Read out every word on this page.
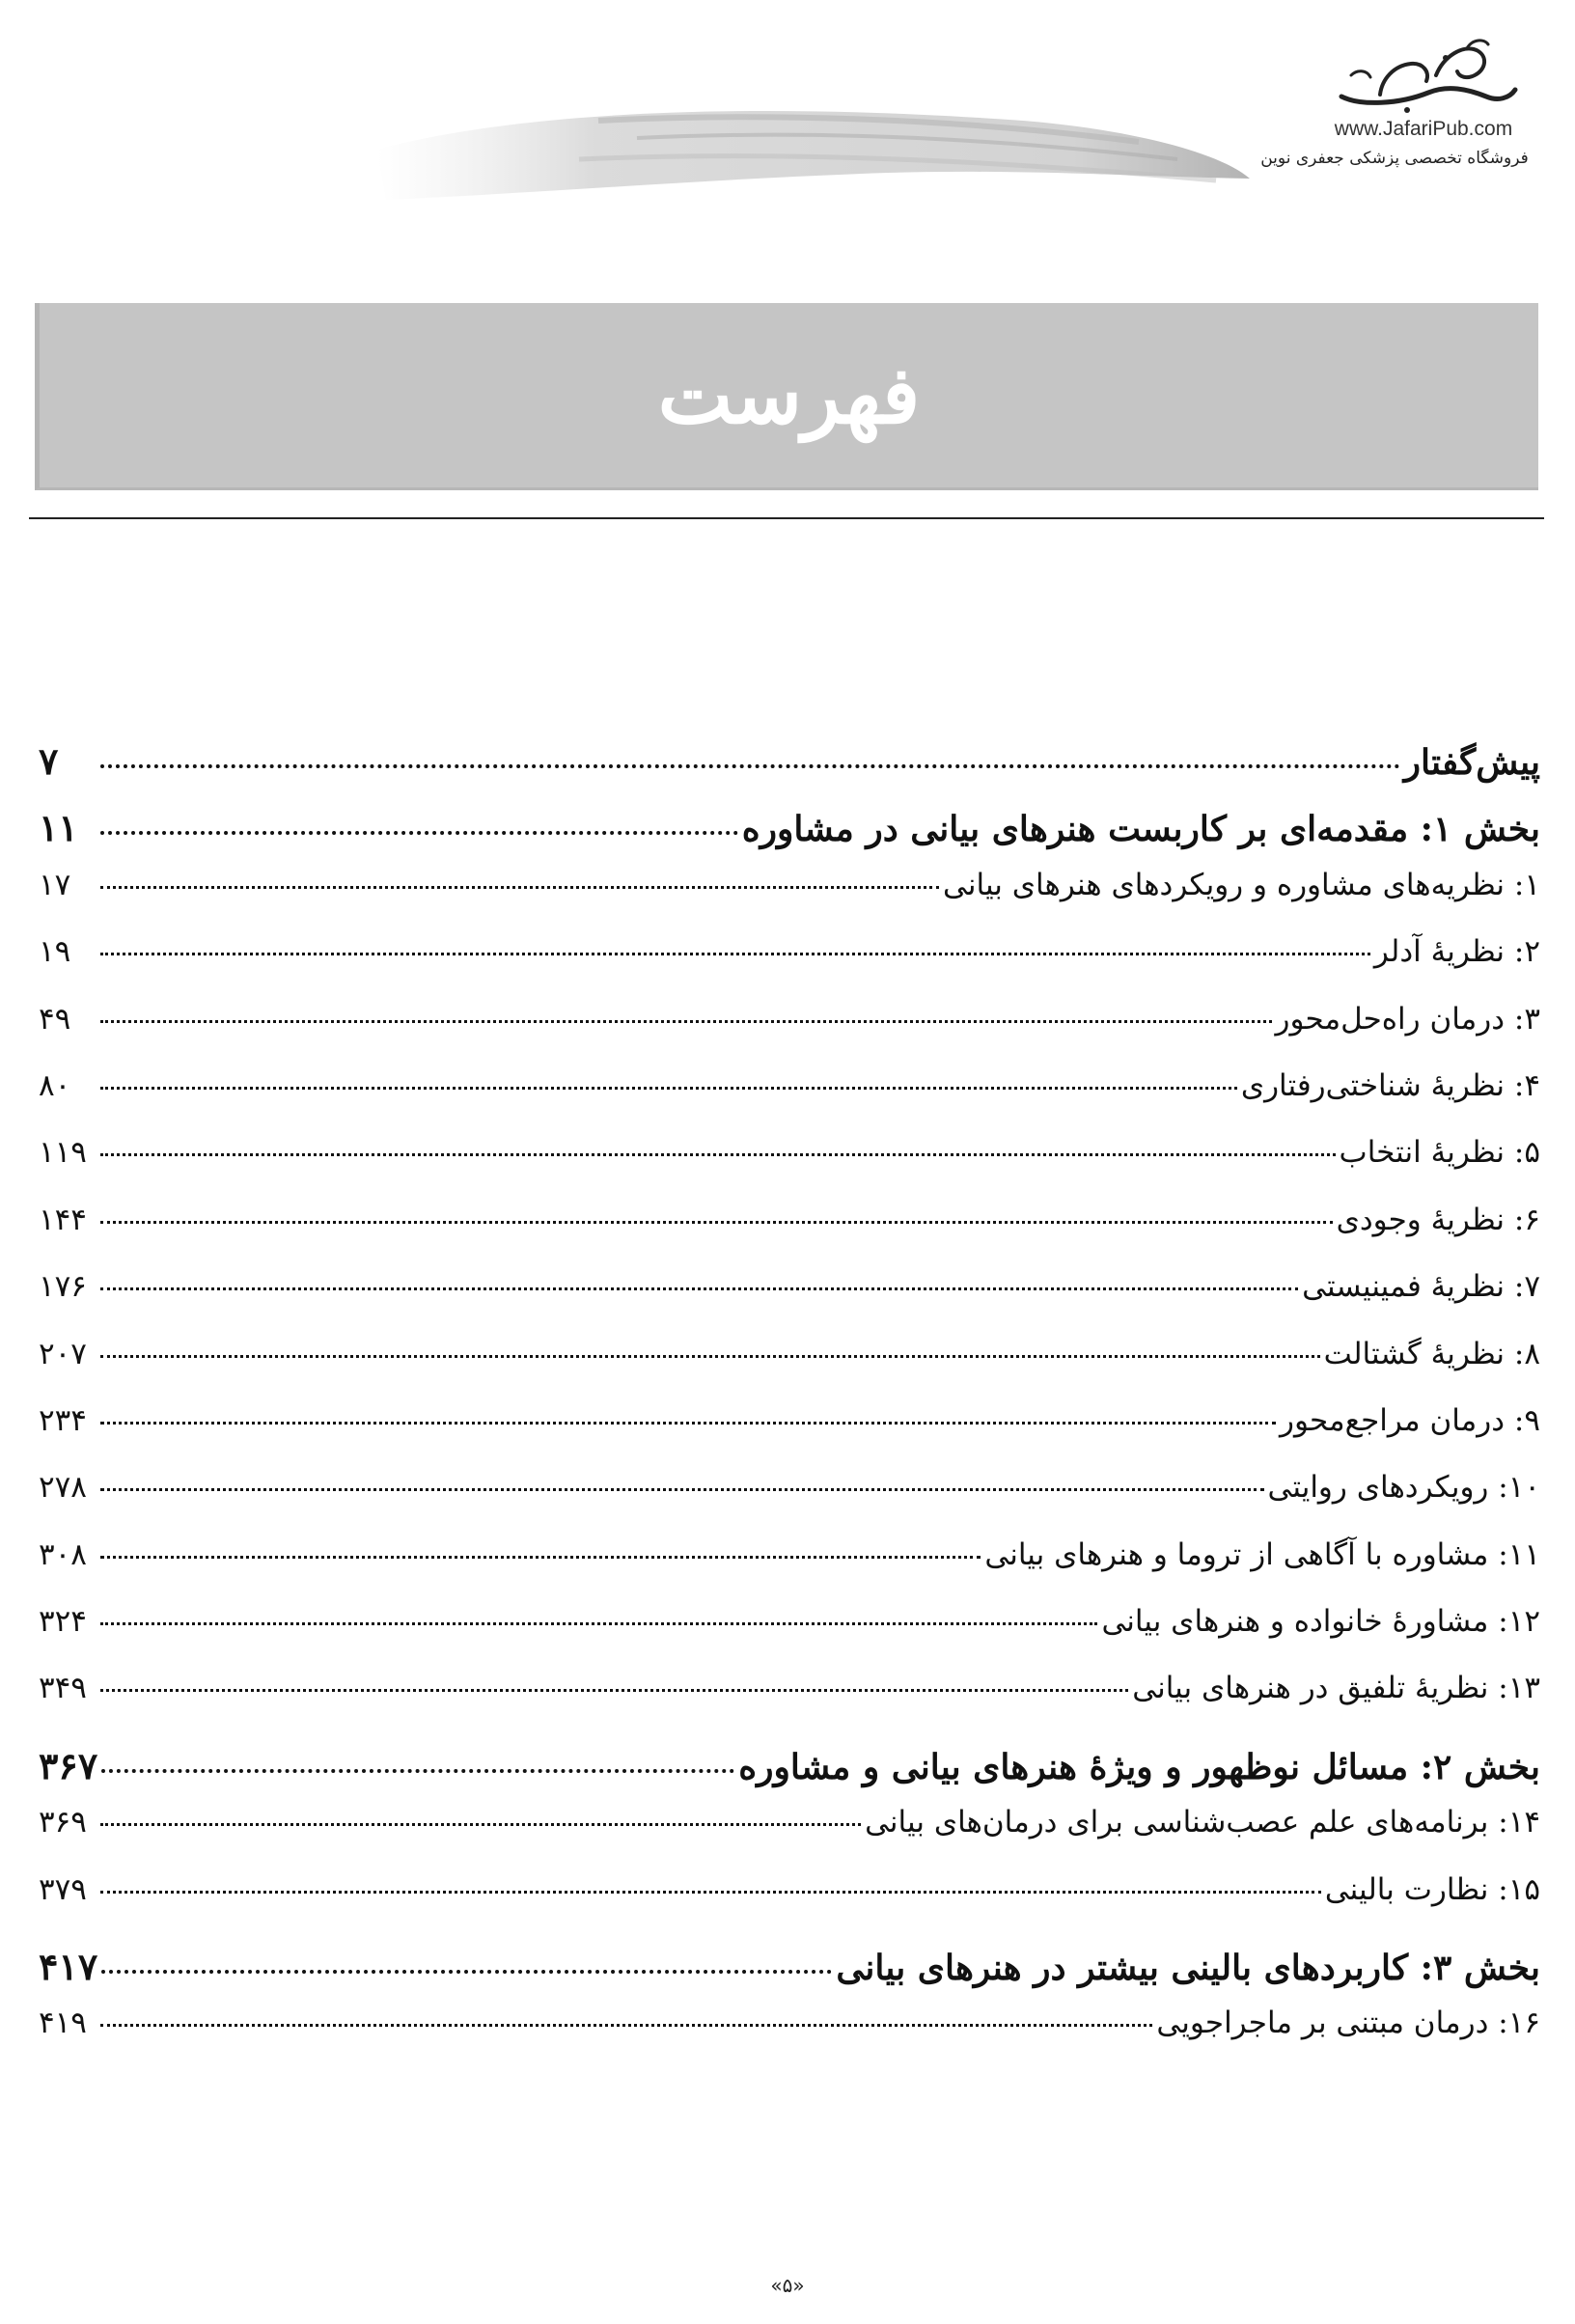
www.JafariPub.com
فروشگاه تخصصی پزشکی جعفری نوین
فهرست
پیش‌گفتار
۷
بخش ۱: مقدمه‌ای بر کاربست هنرهای بیانی در مشاوره
۱۱
۱: نظریه‌های مشاوره و رویکردهای هنرهای بیانی
۱۷
۲: نظریهٔ آدلر
۱۹
۳: درمان راه‌حل‌محور
۴۹
۴: نظریهٔ شناختی‌رفتاری
۸۰
۵: نظریهٔ انتخاب
۱۱۹
۶: نظریهٔ وجودی
۱۴۴
۷: نظریهٔ فمینیستی
۱۷۶
۸: نظریهٔ گشتالت
۲۰۷
۹: درمان مراجع‌محور
۲۳۴
۱۰: رویکردهای روایتی
۲۷۸
۱۱: مشاوره با آگاهی از تروما و هنرهای بیانی
۳۰۸
۱۲: مشاورهٔ خانواده و هنرهای بیانی
۳۲۴
۱۳: نظریهٔ تلفیق در هنرهای بیانی
۳۴۹
بخش ۲: مسائل نوظهور و ویژهٔ هنرهای بیانی و مشاوره
۳۶۷
۱۴: برنامه‌های علم عصب‌شناسی برای درمان‌های بیانی
۳۶۹
۱۵: نظارت بالینی
۳۷۹
بخش ۳: کاربردهای بالینی بیشتر در هنرهای بیانی
۴۱۷
۱۶: درمان مبتنی بر ماجراجویی
۴۱۹
«۵»
